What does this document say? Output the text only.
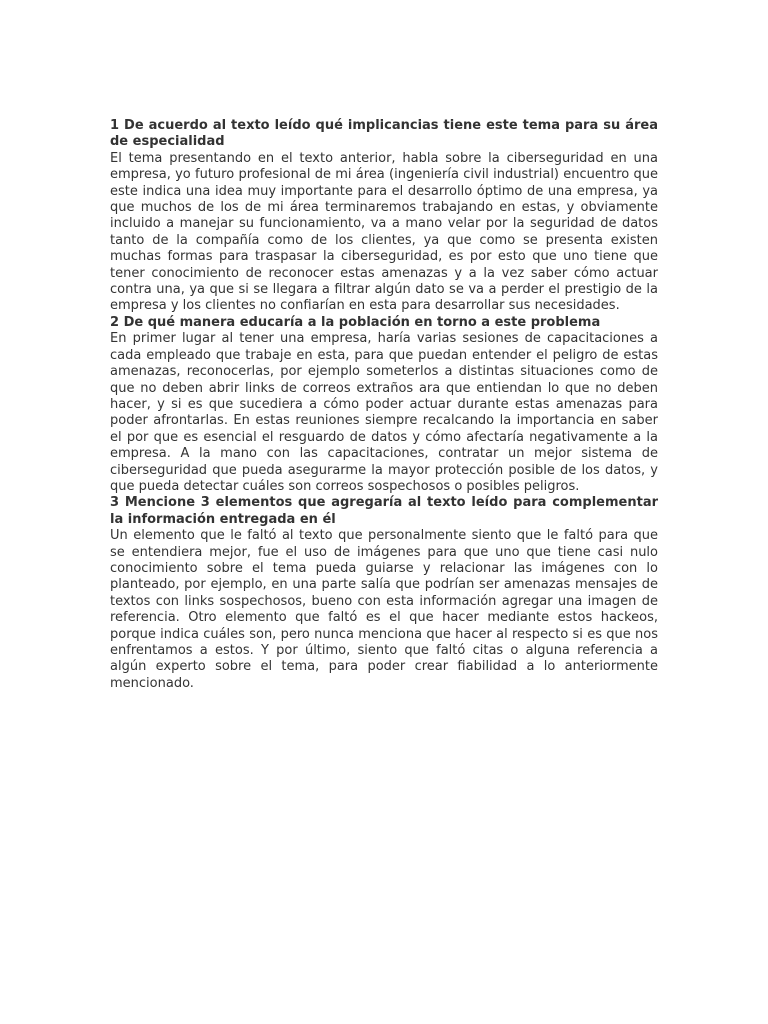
1 De acuerdo al texto leído qué implicancias tiene este tema para su área de especialidad

El tema presentando en el texto anterior, habla sobre la ciberseguridad en una empresa, yo futuro profesional de mi área (ingeniería civil industrial) encuentro que este indica una idea muy importante para el desarrollo óptimo de una empresa, ya que muchos de los de mi área terminaremos trabajando en estas, y obviamente incluido a manejar su funcionamiento, va a mano velar por la seguridad de datos tanto de la compañía como de los clientes, ya que como se presenta existen muchas formas para traspasar la ciberseguridad, es por esto que uno tiene que tener conocimiento de reconocer estas amenazas y a la vez saber cómo actuar contra una, ya que si se llegara a filtrar algún dato se va a perder el prestigio de la empresa y los clientes no confiarían en esta para desarrollar sus necesidades.

2 De qué manera educaría a la población en torno a este problema

En primer lugar al tener una empresa, haría varias sesiones de capacitaciones a cada empleado que trabaje en esta, para que puedan entender el peligro de estas amenazas, reconocerlas, por ejemplo someterlos a distintas situaciones como de que no deben abrir links de correos extraños ara que entiendan lo que no deben hacer, y si es que sucediera a cómo poder actuar durante estas amenazas para poder afrontarlas. En estas reuniones siempre recalcando la importancia en saber el por que es esencial el resguardo de datos y cómo afectaría negativamente a la empresa. A la mano con las capacitaciones, contratar un mejor sistema de ciberseguridad que pueda asegurarme la mayor protección posible de los datos, y que pueda detectar cuáles son correos sospechosos o posibles peligros.

3 Mencione 3 elementos que agregaría al texto leído para complementar la información entregada en él

Un elemento que le faltó al texto que personalmente siento que le faltó para que se entendiera mejor, fue el uso de imágenes para que uno que tiene casi nulo conocimiento sobre el tema pueda guiarse y relacionar las imágenes con lo planteado, por ejemplo, en una parte salía que podrían ser amenazas mensajes de textos con links sospechosos, bueno con esta información agregar una imagen de referencia. Otro elemento que faltó es el que hacer mediante estos hackeos, porque indica cuáles son, pero nunca menciona que hacer al respecto si es que nos enfrentamos a estos. Y por último, siento que faltó citas o alguna referencia a algún experto sobre el tema, para poder crear fiabilidad a lo anteriormente mencionado.
